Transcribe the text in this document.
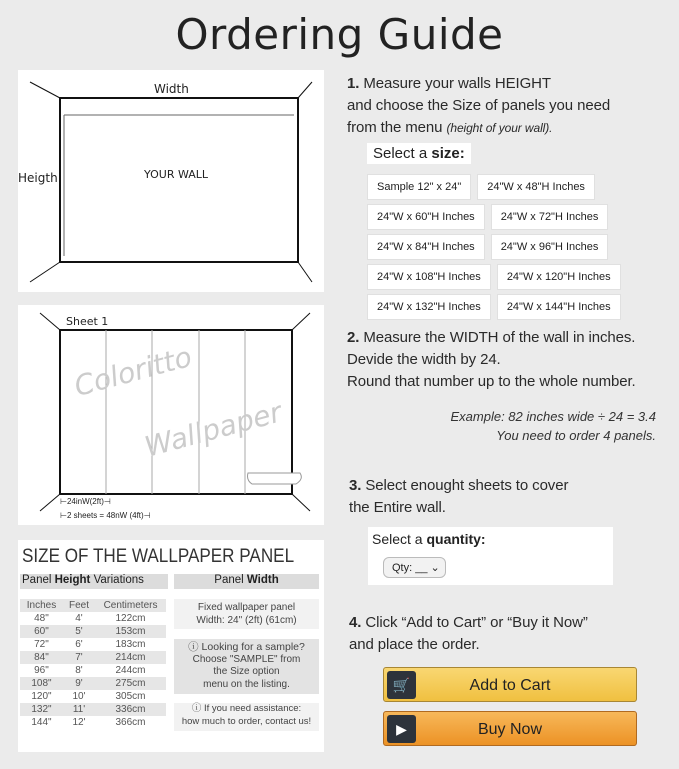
Ordering Guide
Width
Heigth	YOUR WALL
Sheet 1
Coloritto
Wallpaper
⊢24inW(2ft)⊣
⊢2 sheets = 48nW (4ft)⊣
SIZE OF THE WALLPAPER PANEL
Panel Height Variations	Panel Width
Inches	Feet	Centimeters
48"	4'	122cm
60"	5'	153cm
72"	6'	183cm
84"	7'	214cm
96"	8'	244cm
108"	9'	275cm
120"	10'	305cm
132"	11'	336cm
144"	12'	366cm
Fixed wallpaper panel
Width: 24" (2ft) (61cm)
ⓘ Looking for a sample?
Choose "SAMPLE" from
the Size option
menu on the listing.
ⓘ If you need assistance:
how much to order, contact us!
1. Measure your walls HEIGHT
and choose the Size of panels you need
from the menu (height of your wall).
Select a size:
Sample 12" x 24"	24"W x 48"H Inches
24"W x 60"H Inches	24"W x 72"H Inches
24"W x 84"H Inches	24"W x 96"H Inches
24"W x 108"H Inches	24"W x 120"H Inches
24"W x 132"H Inches	24"W x 144"H Inches
2. Measure the WIDTH of the wall in inches.
Devide the width by 24.
Round that number up to the whole number.
Example: 82 inches wide ÷ 24 = 3.4
You need to order 4 panels.
3. Select enought sheets to cover
the Entire wall.
Select a quantity:
Qty: __ ⌄
4. Click “Add to Cart” or “Buy it Now”
and place the order.
🛒	Add to Cart
▶	Buy Now
